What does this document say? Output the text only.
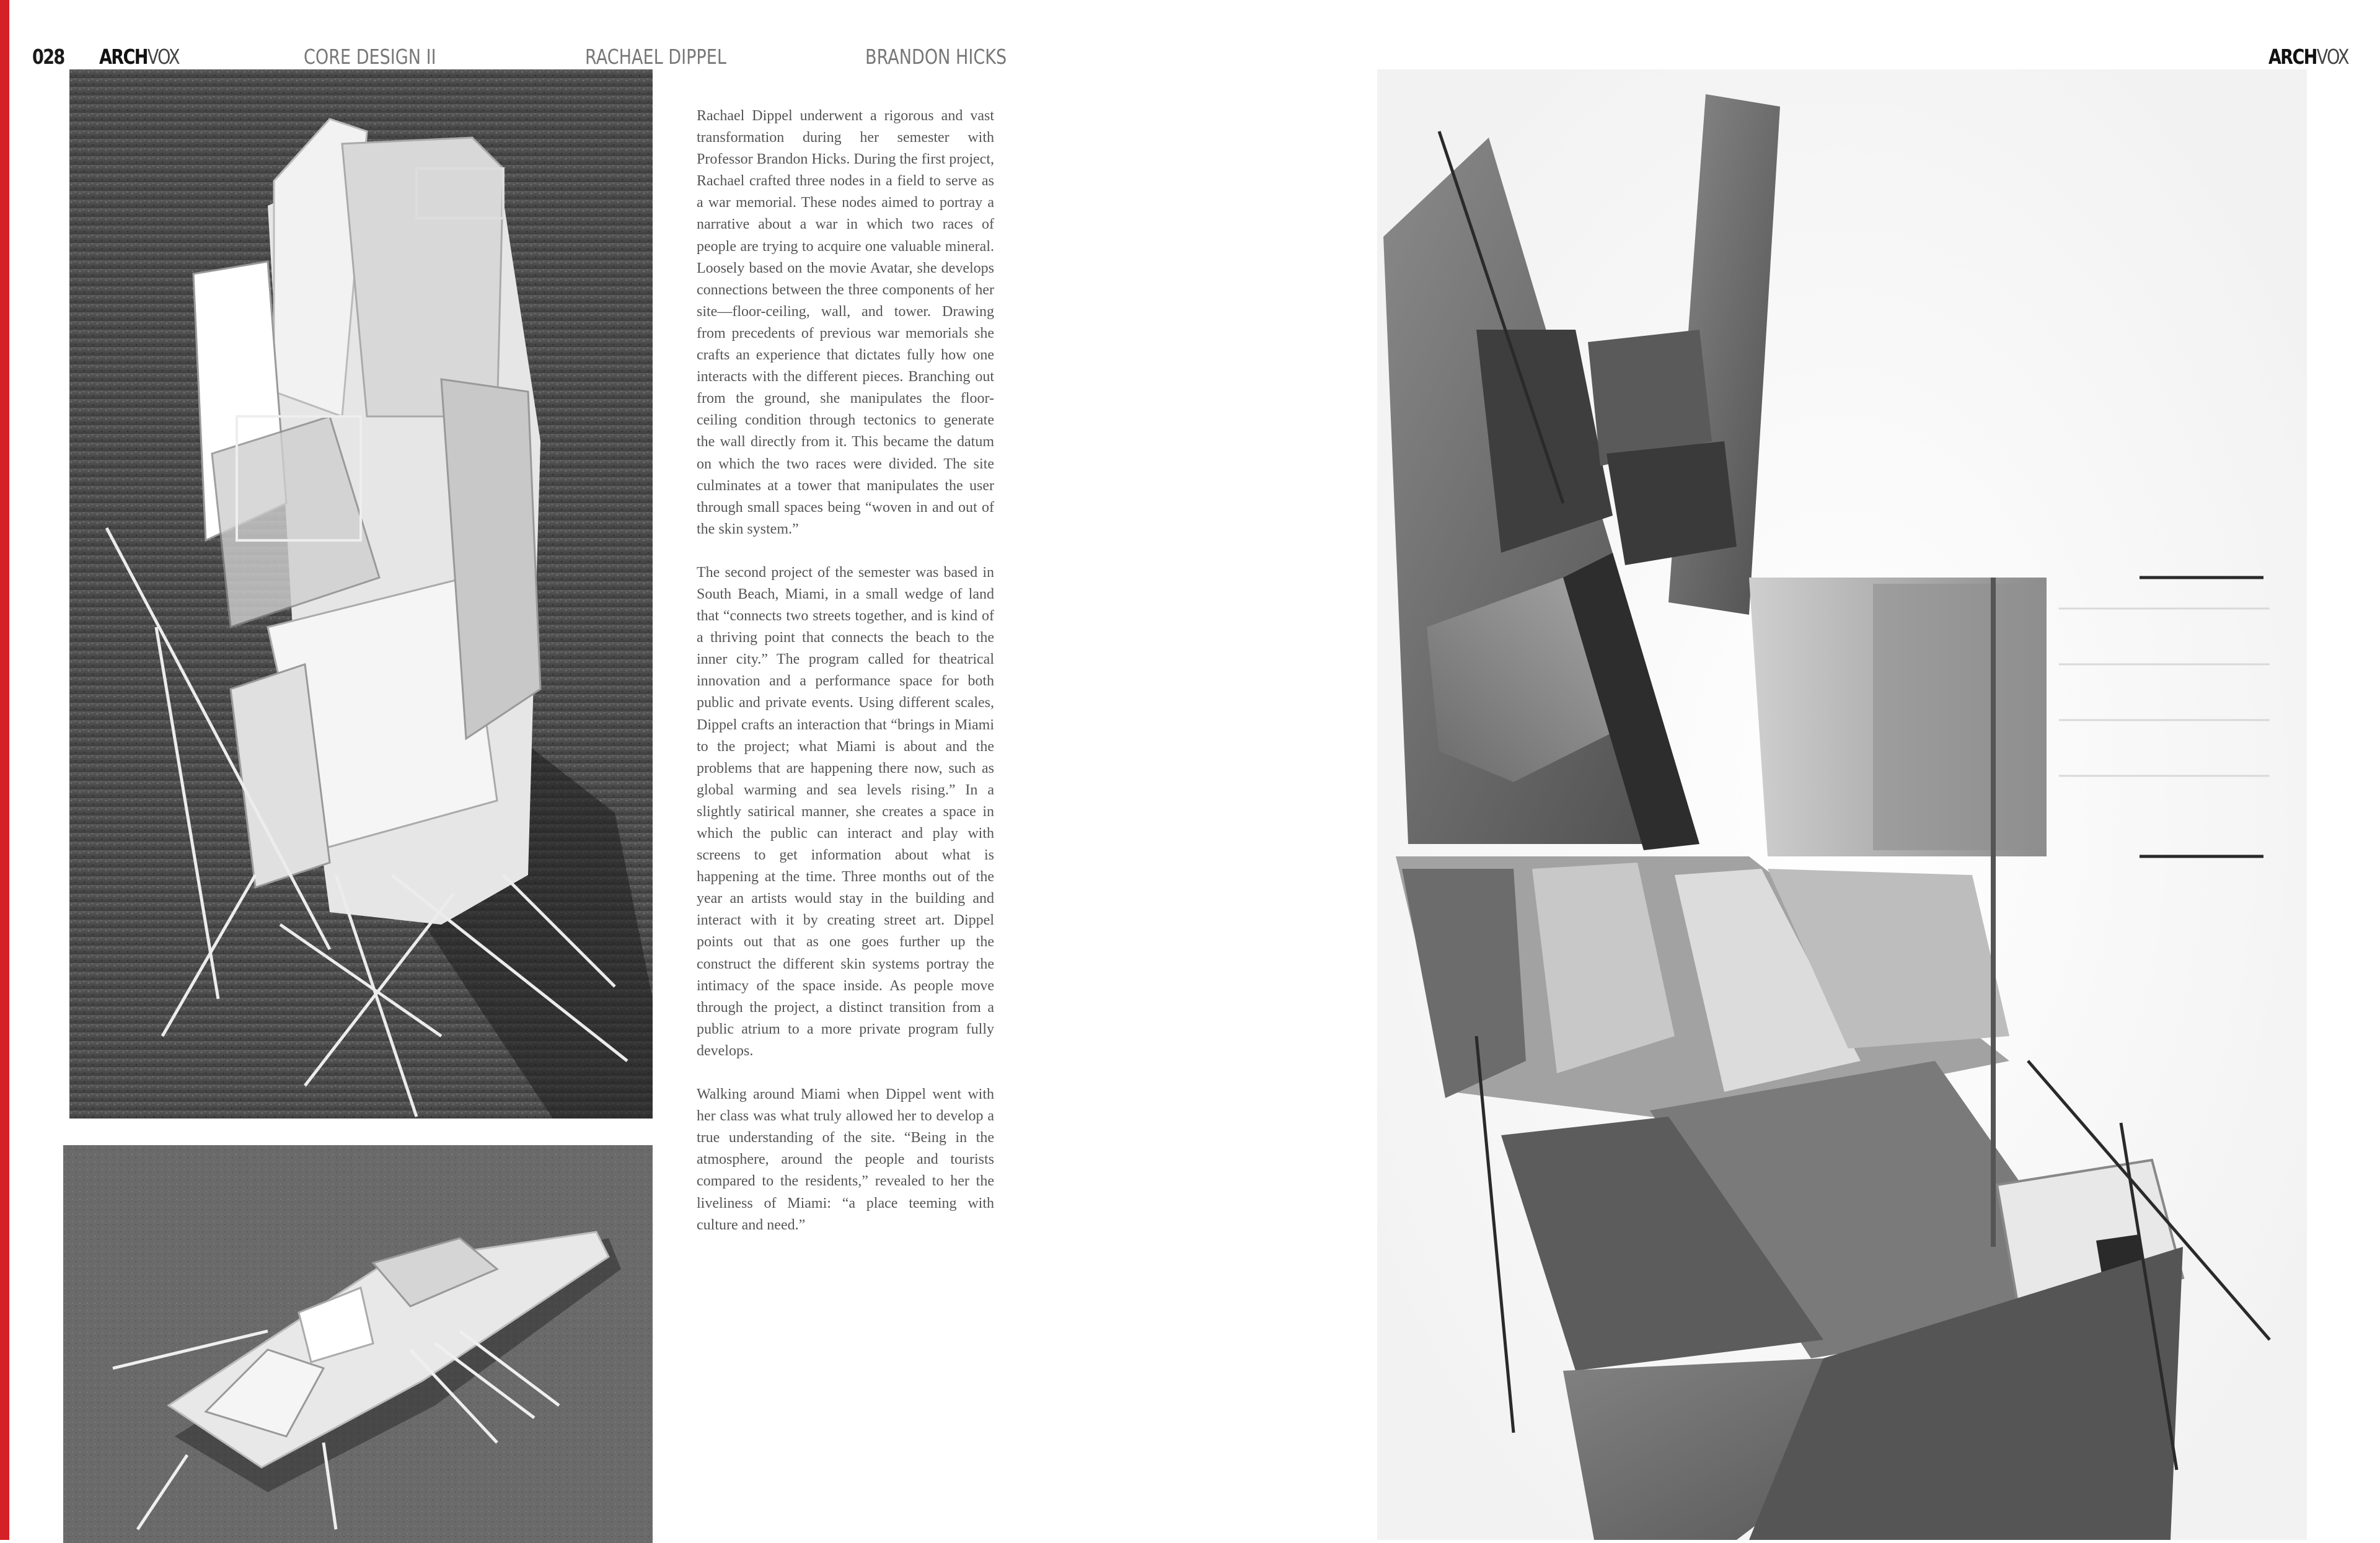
028 ARCHVOX	CORE DESIGN II	RACHAEL DIPPEL	BRANDON HICKS	ARCHVOX

Rachael Dippel underwent a rigorous and vast transformation during her semester with Professor Brandon Hicks. During the first project, Rachael crafted three nodes in a field to serve as a war memorial. These nodes aimed to portray a narrative about a war in which two races of people are trying to acquire one valuable mineral. Loosely based on the movie Avatar, she develops connections between the three components of her site—floor-ceiling, wall, and tower. Drawing from precedents of previous war memorials she crafts an experience that dictates fully how one interacts with the different pieces. Branching out from the ground, she manipulates the floor-ceiling condition through tectonics to generate the wall directly from it. This became the datum on which the two races were divided. The site culminates at a tower that manipulates the user through small spaces being “woven in and out of the skin system.”

The second project of the semester was based in South Beach, Miami, in a small wedge of land that “connects two streets together, and is kind of a thriving point that connects the beach to the inner city.” The program called for theatrical innovation and a performance space for both public and private events. Using different scales, Dippel crafts an interaction that “brings in Miami to the project; what Miami is about and the problems that are happening there now, such as global warming and sea levels rising.” In a slightly satirical manner, she creates a space in which the public can interact and play with screens to get information about what is happening at the time. Three months out of the year an artists would stay in the building and interact with it by creating street art. Dippel points out that as one goes further up the construct the different skin systems portray the intimacy of the space inside. As people move through the project, a distinct transition from a public atrium to a more private program fully develops.

Walking around Miami when Dippel went with her class was what truly allowed her to develop a true understanding of the site. “Being in the atmosphere, around the people and tourists compared to the residents,” revealed to her the liveliness of Miami: “a place teeming with culture and need.”
